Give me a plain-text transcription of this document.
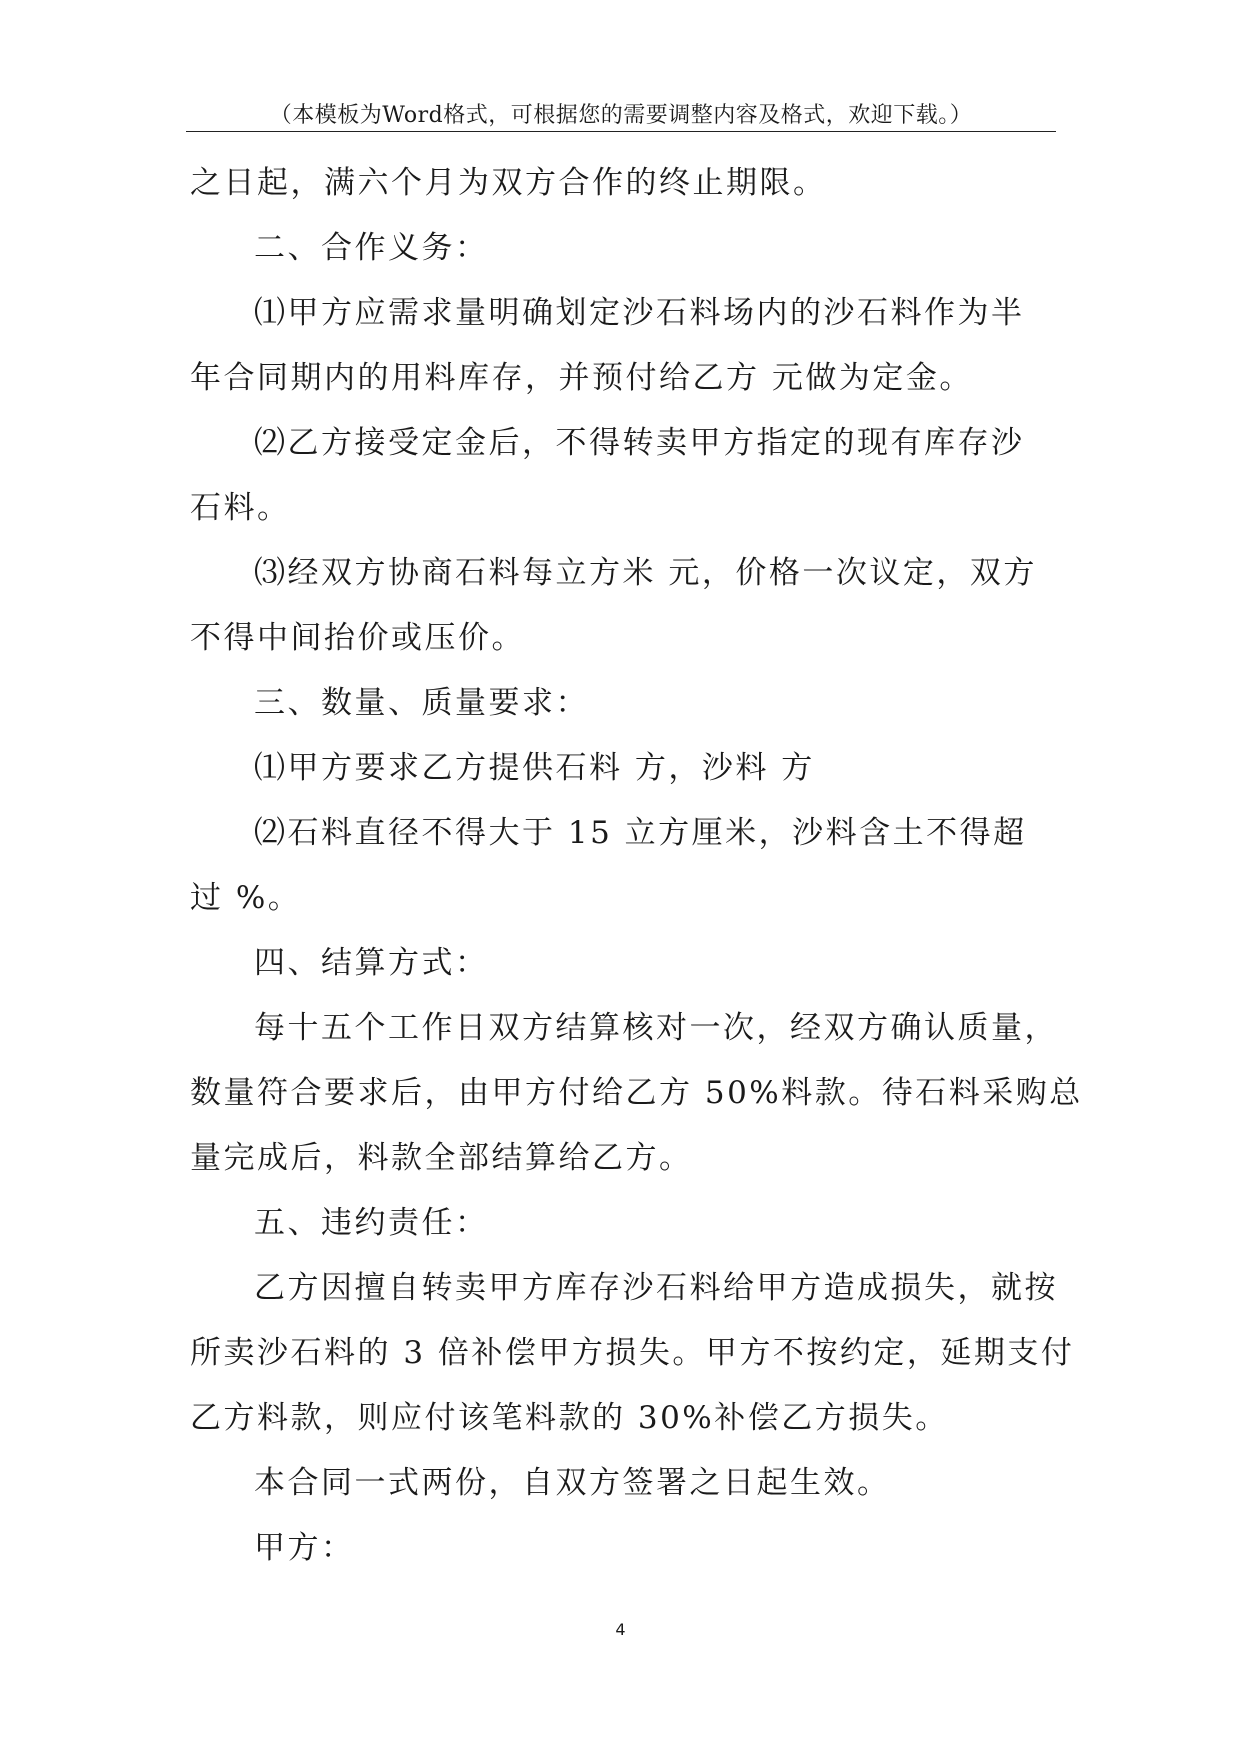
（本模板为Word格式，可根据您的需要调整内容及格式，欢迎下载。）
之日起，满六个月为双方合作的终止期限。
二、合作义务：
⑴甲方应需求量明确划定沙石料场内的沙石料作为半
年合同期内的用料库存，并预付给乙方 元做为定金。
⑵乙方接受定金后，不得转卖甲方指定的现有库存沙
石料。
⑶经双方协商石料每立方米 元，价格一次议定，双方
不得中间抬价或压价。
三、数量、质量要求：
⑴甲方要求乙方提供石料 方，沙料 方
⑵石料直径不得大于 15 立方厘米，沙料含土不得超
过 %。
四、结算方式：
每十五个工作日双方结算核对一次，经双方确认质量，
数量符合要求后，由甲方付给乙方 50%料款。待石料采购总
量完成后，料款全部结算给乙方。
五、违约责任：
乙方因擅自转卖甲方库存沙石料给甲方造成损失，就按
所卖沙石料的 3 倍补偿甲方损失。甲方不按约定，延期支付
乙方料款，则应付该笔料款的 30%补偿乙方损失。
本合同一式两份，自双方签署之日起生效。
甲方：
4
